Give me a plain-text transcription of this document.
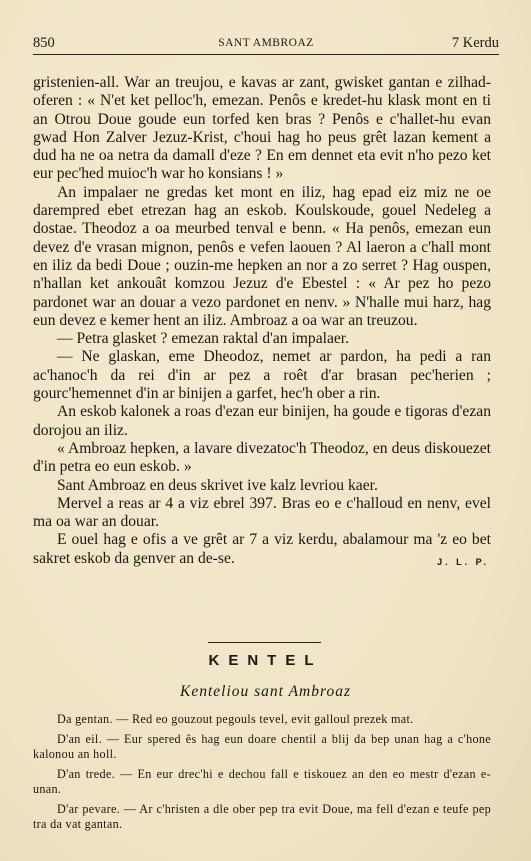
850	SANT AMBROAZ	7 Kerdu

gristenien-all. War an treujou, e kavas ar zant, gwisket gantan e zilhad-oferen : « N'et ket pelloc'h, emezan. Penôs e kredet-hu klask mont en ti an Otrou Doue goude eun torfed ken bras ? Penôs e c'hallet-hu evan gwad Hon Zalver Jezuz-Krist, c'houi hag ho peus grêt lazan kement a dud ha ne oa netra da damall d'eze ? En em dennet eta evit n'ho pezo ket eur pec'hed muioc'h war ho konsians ! »

An impalaer ne gredas ket mont en iliz, hag epad eiz miz ne oe darempred ebet etrezan hag an eskob. Koulskoude, gouel Nedeleg a dostae. Theodoz a oa meurbed tenval e benn. « Ha penôs, emezan eun devez d'e vrasan mignon, penôs e vefen laouen ? Al laeron a c'hall mont en iliz da bedi Doue ; ouzin-me hepken an nor a zo serret ? Hag ouspen, n'hallan ket ankouât komzou Jezuz d'e Ebestel : « Ar pez ho pezo pardonet war an douar a vezo pardonet en nenv. » N'halle mui harz, hag eun devez e kemer hent an iliz. Ambroaz a oa war an treuzou.

— Petra glasket ? emezan raktal d'an impalaer.

— Ne glaskan, eme Dheodoz, nemet ar pardon, ha pedi a ran ac'hanoc'h da rei d'in ar pez a roêt d'ar brasan pec'herien ; gourc'hemennet d'in ar binijen a garfet, hec'h ober a rin.

An eskob kalonek a roas d'ezan eur binijen, ha goude e tigoras d'ezan dorojou an iliz.

« Ambroaz hepken, a lavare divezatoc'h Theodoz, en deus diskouezet d'in petra eo eun eskob. »

Sant Ambroaz en deus skrivet ive kalz levriou kaer.

Mervel a reas ar 4 a viz ebrel 397. Bras eo e c'halloud en nenv, evel ma oa war an douar.

E ouel hag e ofis a ve grêt ar 7 a viz kerdu, abalamour ma 'z eo bet sakret eskob da genver an de-se.	J. L. P.
KENTEL
Kenteliou sant Ambroaz

Da gentan. — Red eo gouzout pegouls tevel, evit galloul prezek mat.

D'an eil. — Eur spered ês hag eun doare chentil a blij da bep unan hag a c'hone kalonou an holl.

D'an trede. — En eur drec'hi e dechou fall e tiskouez an den eo mestr d'ezan e-unan.

D'ar pevare. — Ar c'hristen a dle ober pep tra evit Doue, ma fell d'ezan e teufe pep tra da vat gantan.
